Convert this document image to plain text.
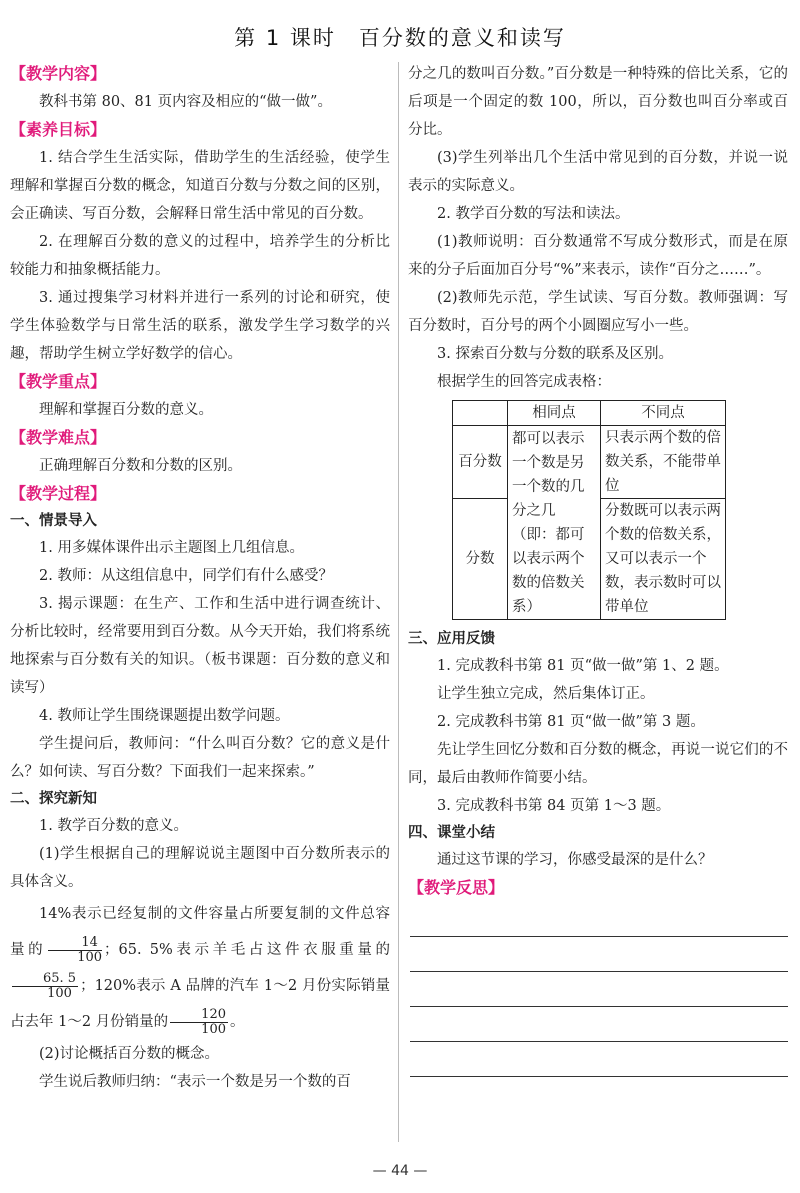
第 1 课时　百分数的意义和读写

【教学内容】

教科书第 80、81 页内容及相应的“做一做”。

【素养目标】

1. 结合学生生活实际，借助学生的生活经验，使学生理解和掌握百分数的概念，知道百分数与分数之间的区别，会正确读、写百分数，会解释日常生活中常见的百分数。

2. 在理解百分数的意义的过程中，培养学生的分析比较能力和抽象概括能力。

3. 通过搜集学习材料并进行一系列的讨论和研究，使学生体验数学与日常生活的联系，激发学生学习数学的兴趣，帮助学生树立学好数学的信心。

【教学重点】

理解和掌握百分数的意义。

【教学难点】

正确理解百分数和分数的区别。

【教学过程】

一、情景导入

1. 用多媒体课件出示主题图上几组信息。

2. 教师：从这组信息中，同学们有什么感受？

3. 揭示课题：在生产、工作和生活中进行调查统计、分析比较时，经常要用到百分数。从今天开始，我们将系统地探索与百分数有关的知识。（板书课题：百分数的意义和读写）

4. 教师让学生围绕课题提出数学问题。

学生提问后，教师问：“什么叫百分数？它的意义是什么？如何读、写百分数？下面我们一起来探索。”

二、探究新知

1. 教学百分数的意义。

(1)学生根据自己的理解说说主题图中百分数所表示的具体含义。

14%表示已经复制的文件容量占所要复制的文件总容量的 $\frac{14}{100}$ ；65. 5%表示羊毛占这件衣服重量的
$\frac{65. 5}{100}$ ；120%表示 A 品牌的汽车 1～2 月份实际销量占去年 1～2 月份销量的 $\frac{120}{100}$ 。

(2)讨论概括百分数的概念。

学生说后教师归纳：“表示一个数是另一个数的百

分之几的数叫百分数。”百分数是一种特殊的倍比关系，它的后项是一个固定的数 100，所以，百分数也叫百分率或百分比。

(3)学生列举出几个生活中常见到的百分数，并说一说表示的实际意义。

2. 教学百分数的写法和读法。

(1)教师说明：百分数通常不写成分数形式，而是在原来的分子后面加百分号“%”来表示，读作“百分之……”。

(2)教师先示范，学生试读、写百分数。教师强调：写百分数时，百分号的两个小圆圈应写小一些。

3. 探索百分数与分数的联系及区别。

根据学生的回答完成表格：

	相同点	不同点
百分数	都可以表示一个数是另一个数的几分之几（即：都可以表示两个数的倍数关系）	只表示两个数的倍数关系，不能带单位
分数		分数既可以表示两个数的倍数关系，又可以表示一个数，表示数时可以带单位

三、应用反馈

1. 完成教科书第 81 页“做一做”第 1、2 题。

让学生独立完成，然后集体订正。

2. 完成教科书第 81 页“做一做”第 3 题。

先让学生回忆分数和百分数的概念，再说一说它们的不同，最后由教师作简要小结。

3. 完成教科书第 84 页第 1～3 题。

四、课堂小结

通过这节课的学习，你感受最深的是什么？

【教学反思】

— 44 —
